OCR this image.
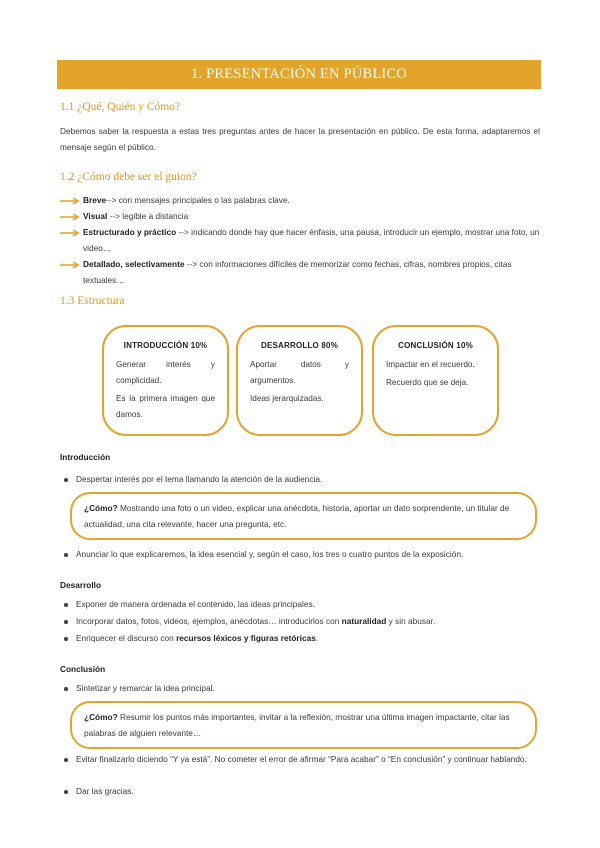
1. PRESENTACIÓN EN PÚBLICO
1.1 ¿Qué, Quién y Cómo?
Debemos saber la respuesta a estas tres preguntas antes de hacer la presentación en público. De esta forma, adaptaremos el mensaje según el público.
1.2 ¿Cómo debe ser el guion?
Breve--> con mensajes principales o las palabras clave.
Visual --> legible a distancia
Estructurado y práctico --> indicando donde hay que hacer énfasis, una pausa, introducir un ejemplo, mostrar una foto, un video…
Detallado, selectivamente --> con informaciones difíciles de memorizar como fechas, cifras, nombres propios, citas textuales…
1.3 Estructura
INTRODUCCIÓN 10%
Generar interés y complicidad.
Es la primera imagen que damos.
DESARROLLO 80%
Aportar datos y argumentos.
Ideas jerarquizadas.
CONCLUSIÓN 10%
Impactar en el recuerdo.
Recuerdo que se deja.
Introducción
Despertar interés por el tema llamando la atención de la audiencia.
¿Cómo? Mostrando una foto o un video, explicar una anécdota, historia, aportar un dato sorprendente, un titular de actualidad, una cita relevante, hacer una pregunta, etc.
Anunciar lo que explicaremos, la idea esencial y, según el caso, los tres o cuatro puntos de la exposición.
Desarrollo
Exponer de manera ordenada el contenido, las ideas principales.
Incorporar datos, fotos, videos, ejemplos, anécdotas… introducirlos con naturalidad y sin abusar.
Enriquecer el discurso con recursos léxicos y figuras retóricas.
Conclusión
Sintetizar y remarcar la idea principal.
¿Cómo? Resumir los puntos más importantes, invitar a la reflexión, mostrar una última imagen impactante, citar las palabras de alguien relevante…
Evitar finalizarlo diciendo “Y ya está”. No cometer el error de afirmar “Para acabar” o “En conclusión” y continuar hablando.
Dar las gracias.
